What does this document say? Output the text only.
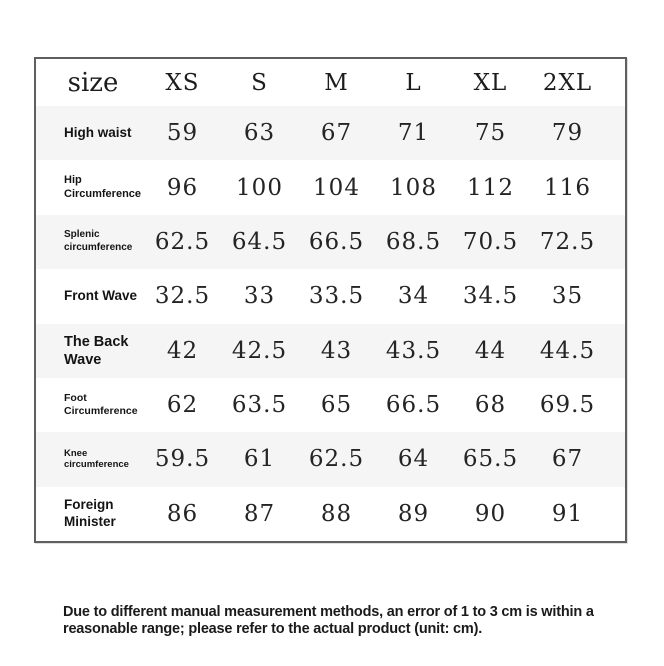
size	XS	S	M	L	XL	2XL
High waist	59	63	67	71	75	79
Hip Circumference	96	100	104	108	112	116
Splenic circumference 62.5 64.5 66.5 68.5 70.5 72.5
Front Wave 32.5	33	33.5	34	34.5	35
The Back Wave	42	42.5	43	43.5	44	44.5
Foot Circumference	62	63.5	65	66.5	68	69.5
Knee circumference	59.5	61	62.5	64	65.5	67
Foreign Minister	86	87	88	89	90	91
Due to different manual measurement methods, an error of 1 to 3 cm is within a reasonable range; please refer to the actual product (unit: cm).
